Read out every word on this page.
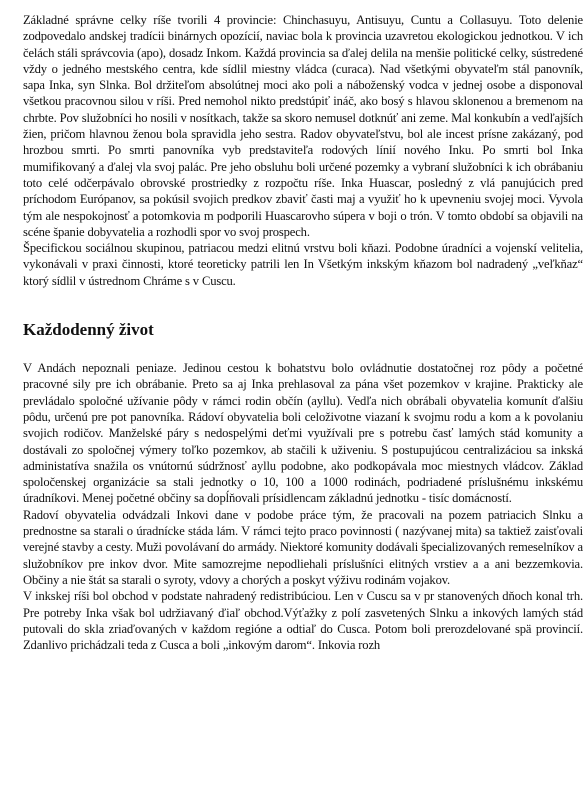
Základné správne celky ríše tvorili 4 provincie: Chinchasuyu, Antisuyu, Cuntu a Collasuyu. Toto delenie zodpovedalo andskej tradícii binárnych opozícií, naviac bola k provincia uzavretou ekologickou jednotkou. V ich čelách stáli správcovia (apo), dosadz Inkom. Každá provincia sa ďalej delila na menšie politické celky, sústredené vždy o jedného mestského centra, kde sídlil miestny vládca (curaca). Nad všetkými obyvateľm stál panovník, sapa Inka, syn Slnka. Bol držiteľom absolútnej moci ako poli a náboženský vodca v jednej osobe a disponoval všetkou pracovnou silou v ríši. Pred nemohol nikto predstúpiť ináč, ako bosý s hlavou sklonenou a bremenom na chrbte. Pov služobníci ho nosili v nosítkach, takže sa skoro nemusel dotknúť ani zeme. Mal konkubín a vedľajších žien, pričom hlavnou ženou bola spravidla jeho sestra. Radov obyvateľstvu, bol ale incest prísne zakázaný, pod hrozbou smrti. Po smrti panovníka vyb predstaviteľa rodových línií nového Inku. Po smrti bol Inka mumifikovaný a ďalej vla svoj palác. Pre jeho obsluhu boli určené pozemky a vybraní služobníci k ich obrábaniu toto celé odčerpávalo obrovské prostriedky z rozpočtu ríše. Inka Huascar, posledný z vlá panujúcich pred príchodom Európanov, sa pokúsil svojich predkov zbaviť časti maj a využiť ho k upevneniu svojej moci. Vyvola tým ale nespokojnosť a potomkovia m podporili Huascarovho súpera v boji o trón. V tomto období sa objavili na scéne španie dobyvatelia a rozhodli spor vo svoj prospech.

Špecifickou sociálnou skupinou, patriacou medzi elitnú vrstvu boli kňazi. Podobne úradníci a vojenskí velitelia, vykonávali v praxi činnosti, ktoré teoreticky patrili len In Všetkým inkským kňazom bol nadradený „veľkňaz“ ktorý sídlil v ústrednom Chráme s v Cuscu.

Každodenný život

V Andách nepoznali peniaze. Jedinou cestou k bohatstvu bolo ovládnutie dostatočnej roz pôdy a početné pracovné sily pre ich obrábanie. Preto sa aj Inka prehlasoval za pána všet pozemkov v krajine. Prakticky ale prevládalo spoločné užívanie pôdy v rámci rodin občín (ayllu). Vedľa nich obrábali obyvatelia komunít ďalšiu pôdu, určenú pre pot panovníka. Rádoví obyvatelia boli celoživotne viazaní k svojmu rodu a kom a k povolaniu svojich rodičov. Manželské páry s nedospelými deťmi využívali pre s potrebu časť lamých stád komunity a dostávali zo spoločnej výmery toľko pozemkov, ab stačili k uživeniu. S postupujúcou centralizáciou sa inkská administatíva snažila os vnútornú súdržnosť ayllu podobne, ako podkopávala moc miestnych vládcov. Základ spoločenskej organizácie sa stali jednotky o 10, 100 a 1000 rodinách, podriadené príslušnému inkskému úradníkovi. Menej početné občiny sa dopĺňovali prísidlencam základnú jednotku - tisíc domácností.

Radoví obyvatelia odvádzali Inkovi dane v podobe práce tým, že pracovali na pozem patriacich Slnku a prednostne sa starali o úradnícke stáda lám. V rámci tejto praco povinnosti ( nazývanej mita) sa taktiež zaisťovali verejné stavby a cesty. Muži povolávaní do armády. Niektoré komunity dodávali špecializovaných remeselníkov a služobníkov pre inkov dvor. Mite samozrejme nepodliehali príslušníci elitných vrstiev a a ani bezzemkovia. Občiny a nie štát sa starali o syroty, vdovy a chorých a poskyt výživu rodinám vojakov.

V inkskej ríši bol obchod v podstate nahradený redistribúciou. Len v Cuscu sa v pr stanovených dňoch konal trh. Pre potreby Inka však bol udržiavaný ďiaľ obchod.Výťažky z polí zasvetených Slnku a inkových lamých stád putovali do skla zriaďovaných v každom regióne a odtiaľ do Cusca. Potom boli prerozdelované spä provincií. Zdanlivo prichádzali teda z Cusca a boli „inkovým darom“. Inkovia rozh
